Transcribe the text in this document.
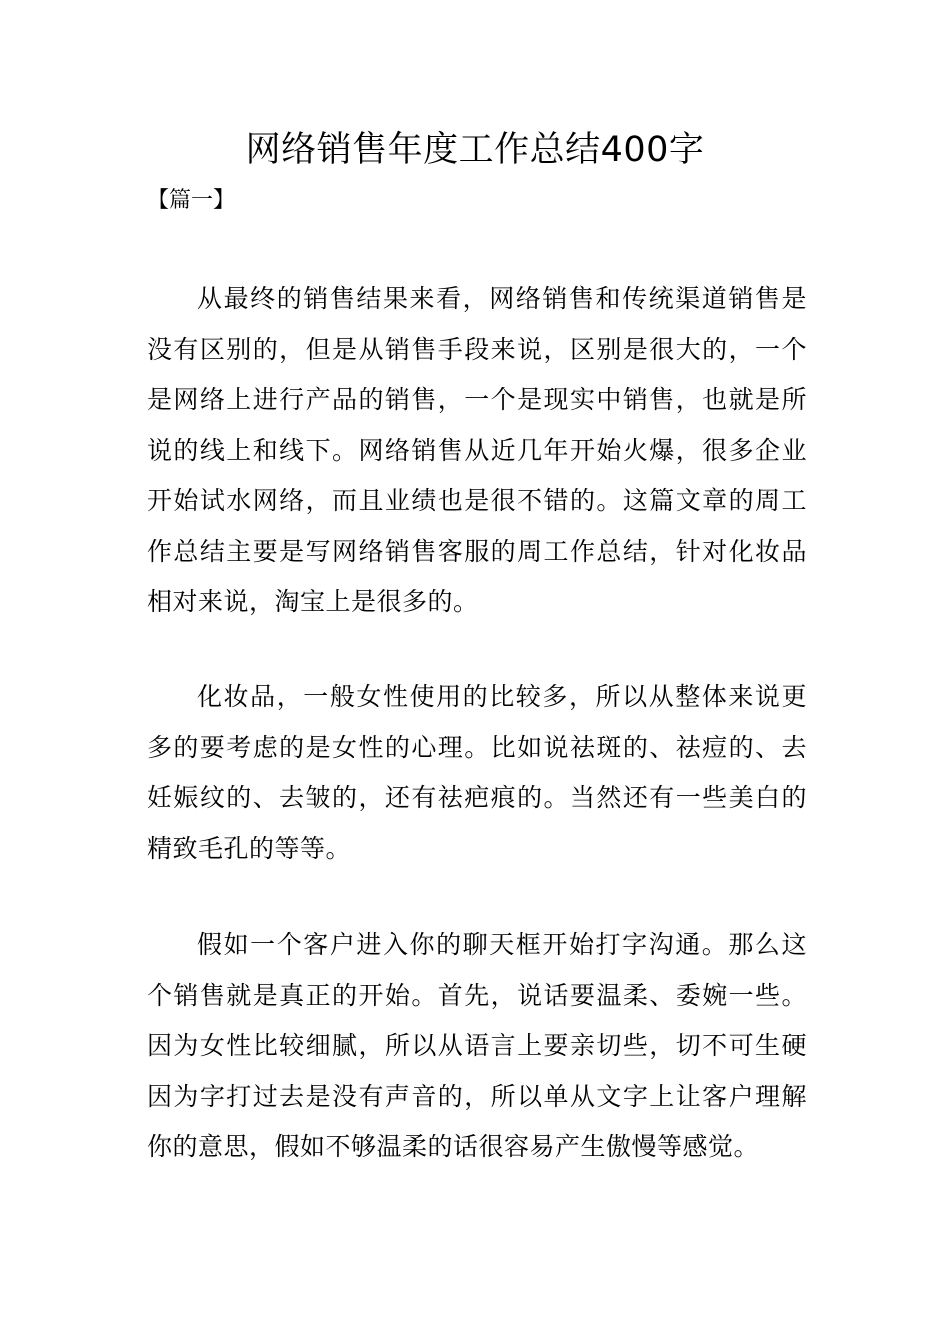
网络销售年度工作总结400字

【篇一】

从最终的销售结果来看，网络销售和传统渠道销售是没有区别的，但是从销售手段来说，区别是很大的，一个是网络上进行产品的销售，一个是现实中销售，也就是所说的线上和线下。网络销售从近几年开始火爆，很多企业开始试水网络，而且业绩也是很不错的。这篇文章的周工作总结主要是写网络销售客服的周工作总结，针对化妆品相对来说，淘宝上是很多的。

化妆品，一般女性使用的比较多，所以从整体来说更多的要考虑的是女性的心理。比如说祛斑的、祛痘的、去妊娠纹的、去皱的，还有祛疤痕的。当然还有一些美白的精致毛孔的等等。

假如一个客户进入你的聊天框开始打字沟通。那么这个销售就是真正的开始。首先，说话要温柔、委婉一些。因为女性比较细腻，所以从语言上要亲切些，切不可生硬因为字打过去是没有声音的，所以单从文字上让客户理解你的意思，假如不够温柔的话很容易产生傲慢等感觉。
